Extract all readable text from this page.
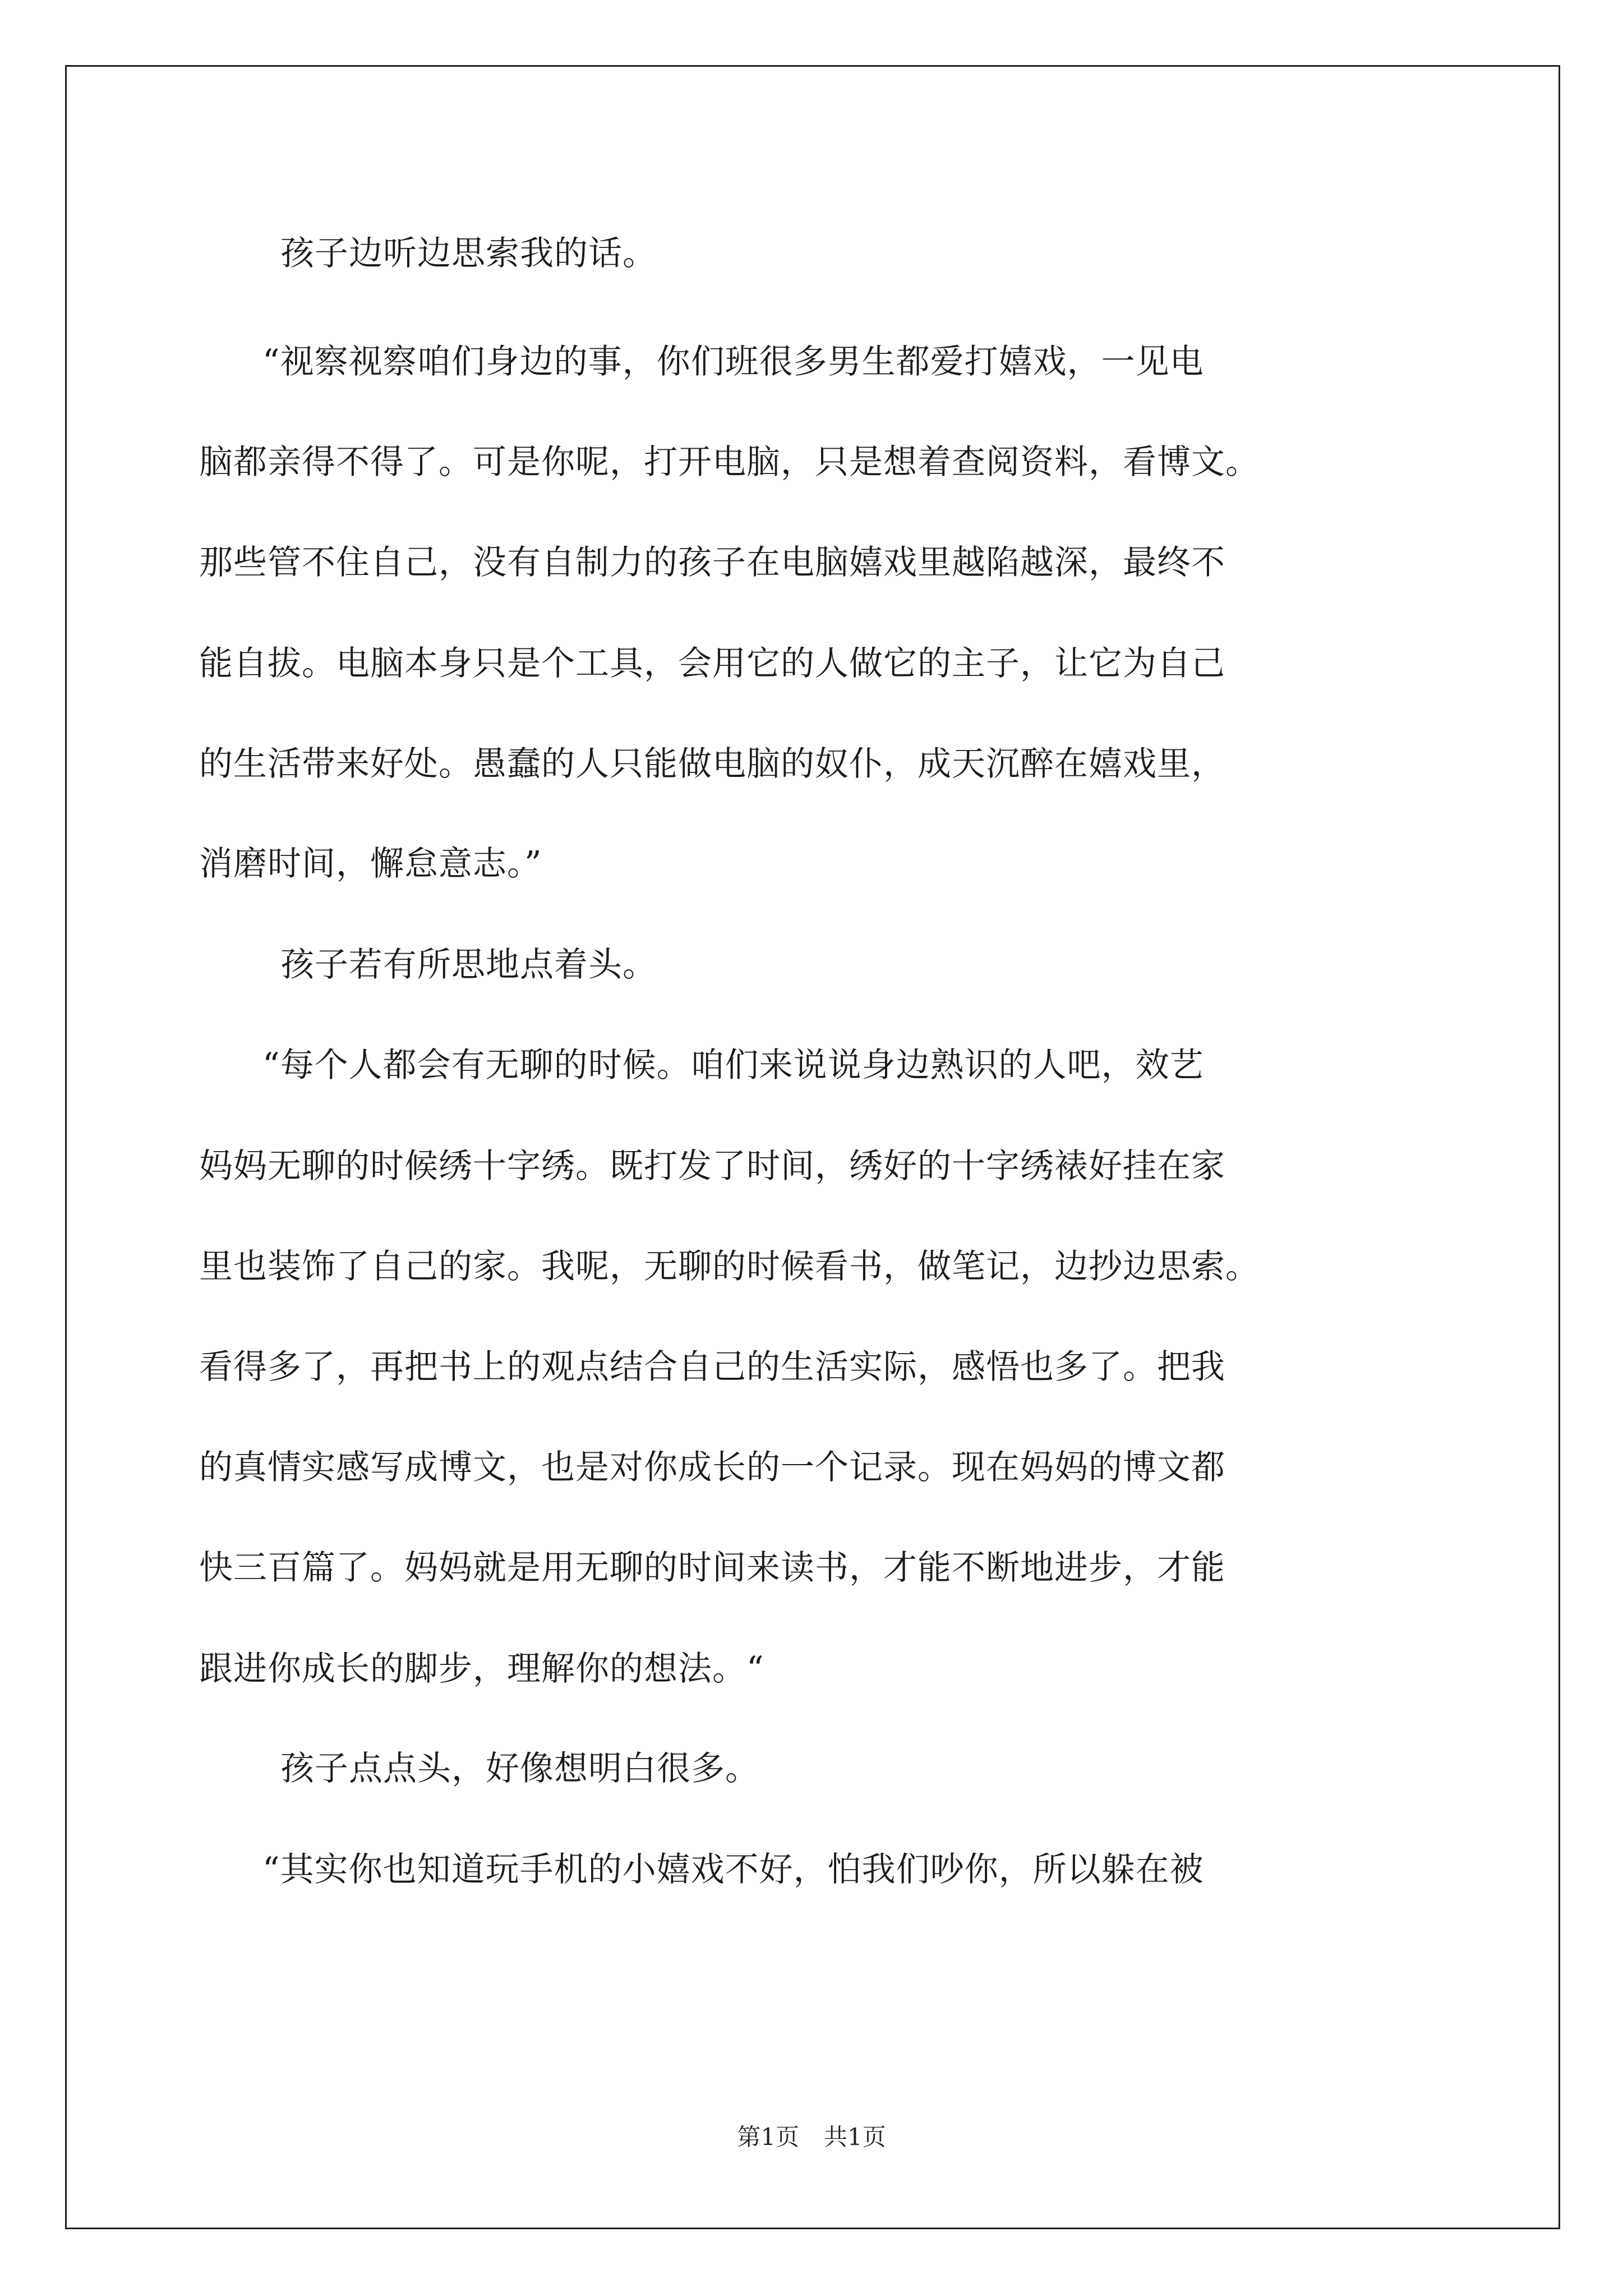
孩子边听边思索我的话。
“视察视察咱们身边的事，你们班很多男生都爱打嬉戏，一见电
脑都亲得不得了。可是你呢，打开电脑，只是想着查阅资料，看博文。
那些管不住自己，没有自制力的孩子在电脑嬉戏里越陷越深，最终不
能自拔。电脑本身只是个工具，会用它的人做它的主子，让它为自己
的生活带来好处。愚蠢的人只能做电脑的奴仆，成天沉醉在嬉戏里，
消磨时间，懈怠意志。”
孩子若有所思地点着头。
“每个人都会有无聊的时候。咱们来说说身边熟识的人吧，效艺
妈妈无聊的时候绣十字绣。既打发了时间，绣好的十字绣裱好挂在家
里也装饰了自己的家。我呢，无聊的时候看书，做笔记，边抄边思索。
看得多了，再把书上的观点结合自己的生活实际，感悟也多了。把我
的真情实感写成博文，也是对你成长的一个记录。现在妈妈的博文都
快三百篇了。妈妈就是用无聊的时间来读书，才能不断地进步，才能
跟进你成长的脚步，理解你的想法。“
孩子点点头，好像想明白很多。
“其实你也知道玩手机的小嬉戏不好，怕我们吵你，所以躲在被
第1页 共1页
